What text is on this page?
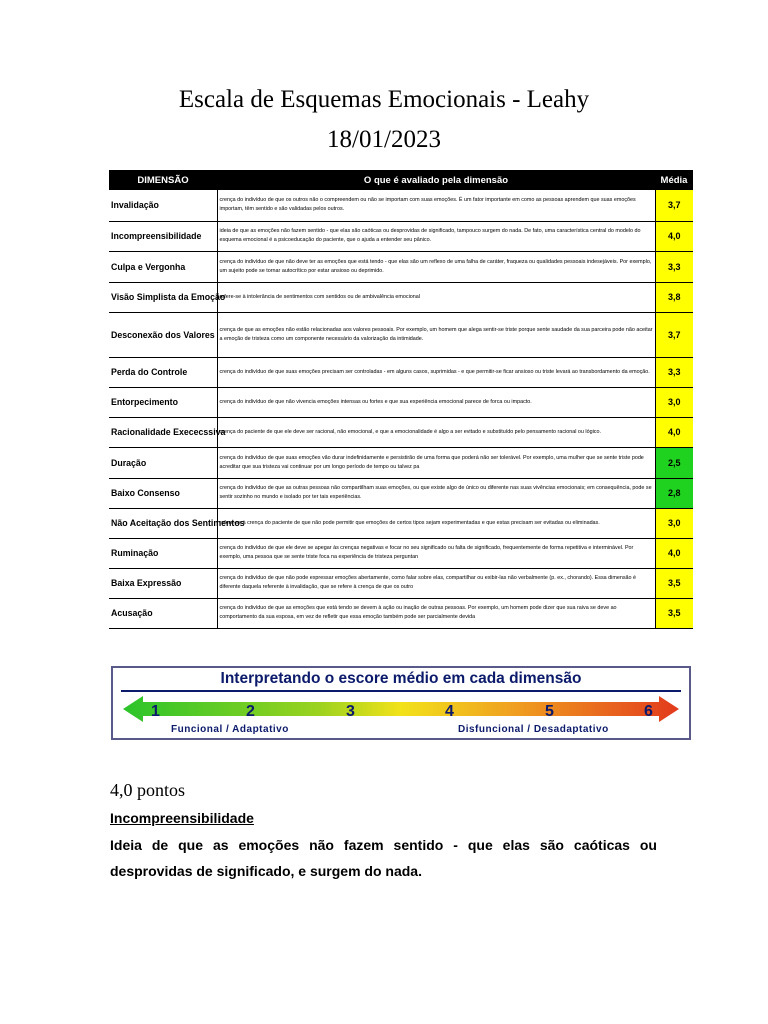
Escala de Esquemas Emocionais - Leahy
18/01/2023
DIMENSÃO	O que é avaliado pela dimensão	Média
Invalidação	crença do indivíduo de que os outros não o compreendem ou não se importam com suas emoções. É um fator importante em como as pessoas aprendem que suas emoções importam, têm sentido e são validadas pelos outros.	3,7
Incompreensibilidade	ideia de que as emoções não fazem sentido - que elas são caóticas ou desprovidas de significado, tampouco surgem do nada. De fato, uma característica central do modelo do esquema emocional é a psicoeducação do paciente, que o ajuda a entender seu pânico.	4,0
Culpa e Vergonha	crença do indivíduo de que não deve ter as emoções que está tendo - que elas são um reflexo de uma falha de caráter, fraqueza ou qualidades pessoais indesejáveis. Por exemplo, um sujeito pode se tornar autocrítico por estar ansioso ou deprimido.	3,3
Visão Simplista da Emoção	refere-se à intolerância de sentimentos com sentidos ou de ambivalência emocional	3,8
Desconexão dos Valores	crença de que as emoções não estão relacionadas aos valores pessoais. Por exemplo, um homem que alega sentir-se triste porque sente saudade da sua parceira pode não aceitar a emoção de tristeza como um componente necessário da valorização da intimidade.	3,7
Perda do Controle	crença do indivíduo de que suas emoções precisam ser controladas - em alguns casos, suprimidas - e que permitir-se ficar ansioso ou triste levará ao transbordamento da emoção.	3,3
Entorpecimento	crença do indivíduo de que não vivencia emoções intensas ou fortes e que sua experiência emocional parece de forca ou impacto.	3,0
Racionalidade Exececssiva	crença do paciente de que ele deve ser racional, não emocional, e que a emocionalidade é algo a ser evitado e substituído pelo pensamento racional ou lógico.	4,0
Duração	crença do indivíduo de que suas emoções vão durar indefinidamente e persistirão de uma forma que poderá não ser tolerável. Por exemplo, uma mulher que se sente triste pode acreditar que sua tristeza vai continuar por um longo período de tempo ou talvez pa	2,5
Baixo Consenso	crença do indivíduo de que as outras pessoas não compartilham suas emoções, ou que existe algo de único ou diferente nas suas vivências emocionais; em consequência, pode se sentir sozinho no mundo e isolado por ter tais experiências.	2,8
Não Aceitação dos Sentimentos	refere-se à crença do paciente de que não pode permitir que emoções de certos tipos sejam experimentadas e que estas precisam ser evitadas ou eliminadas.	3,0
Ruminação	crença do indivíduo de que ele deve se apegar às crenças negativas e focar no seu significado ou falta de significado, frequentemente de forma repetitiva e interminável. Por exemplo, uma pessoa que se sente triste foca na experiência de tristeza perguntan	4,0
Baixa Expressão	crença do indivíduo de que não pode expressar emoções abertamente, como falar sobre elas, compartilhar ou exibir-las não verbalmente (p. ex., chorando). Essa dimensão é diferente daquela referente à invalidação, que se refere à crença de que os outro	3,5
Acusação	crença do indivíduo de que as emoções que está tendo se devem à ação ou inação de outras pessoas. Por exemplo, um homem pode dizer que sua raiva se deve ao comportamento da sua esposa, em vez de refletir que essa emoção também pode ser parcialmente devida	3,5
Interpretando o escore médio em cada dimensão
1	2	3	4	5	6
Funcional / Adaptativo	Disfuncional / Desadaptativo
4,0 pontos
Incompreensibilidade
Ideia de que as emoções não fazem sentido - que elas são caóticas ou desprovidas de significado, e surgem do nada.
